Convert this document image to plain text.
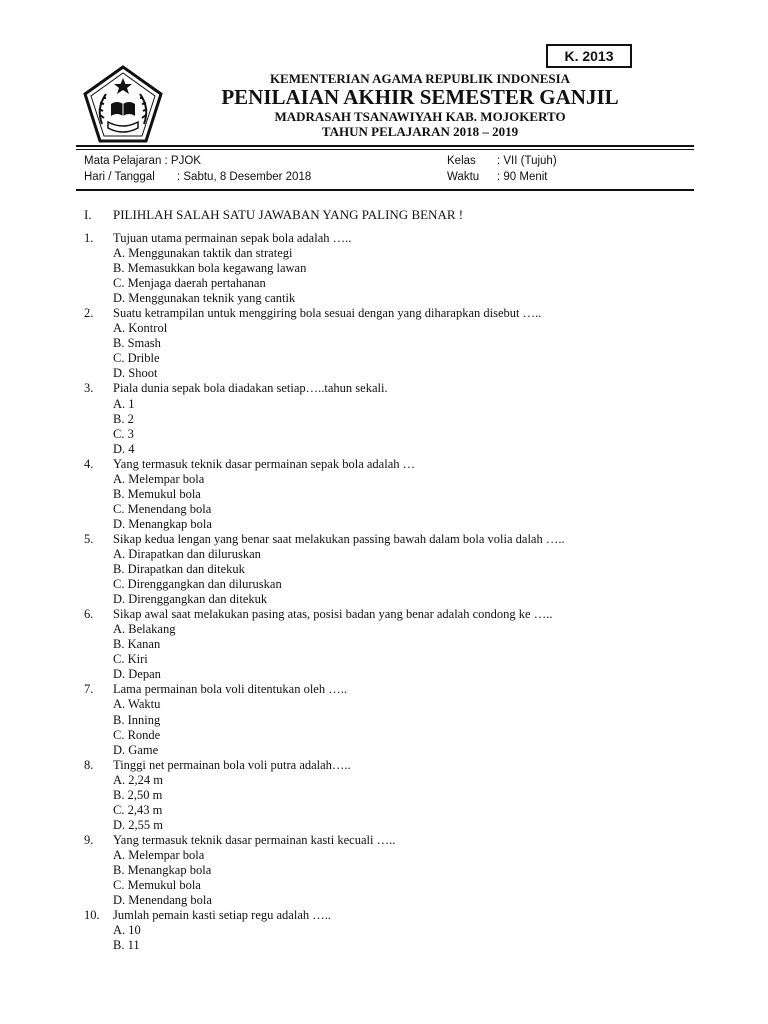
K. 2013
KEMENTERIAN AGAMA REPUBLIK INDONESIA
PENILAIAN AKHIR SEMESTER GANJIL
MADRASAH TSANAWIYAH KAB. MOJOKERTO
TAHUN PELAJARAN 2018 – 2019
Mata Pelajaran : PJOK
Hari / Tanggal : Sabtu, 8 Desember 2018
Kelas : VII (Tujuh)
Waktu : 90 Menit
I. PILIHLAH SALAH SATU JAWABAN YANG PALING BENAR !
1. Tujuan utama permainan sepak bola adalah …..
A. Menggunakan taktik dan strategi
B. Memasukkan bola kegawang lawan
C. Menjaga daerah pertahanan
D. Menggunakan teknik yang cantik
2. Suatu ketrampilan untuk menggiring bola sesuai dengan yang diharapkan disebut …..
A. Kontrol
B. Smash
C. Drible
D. Shoot
3. Piala dunia sepak bola diadakan setiap…..tahun sekali.
A. 1
B. 2
C. 3
D. 4
4. Yang termasuk teknik dasar permainan sepak bola adalah …
A. Melempar bola
B. Memukul bola
C. Menendang bola
D. Menangkap bola
5. Sikap kedua lengan yang benar saat melakukan passing bawah dalam bola volia dalah …..
A. Dirapatkan dan diluruskan
B. Dirapatkan dan ditekuk
C. Direnggangkan dan diluruskan
D. Direnggangkan dan ditekuk
6. Sikap awal saat melakukan pasing atas, posisi badan yang benar adalah condong ke …..
A. Belakang
B. Kanan
C. Kiri
D. Depan
7. Lama permainan bola voli ditentukan oleh …..
A. Waktu
B. Inning
C. Ronde
D. Game
8. Tinggi net permainan bola voli putra adalah…..
A. 2,24 m
B. 2,50 m
C. 2,43 m
D. 2,55 m
9. Yang termasuk teknik dasar permainan kasti kecuali …..
A. Melempar bola
B. Menangkap bola
C. Memukul bola
D. Menendang bola
10. Jumlah pemain kasti setiap regu adalah …..
A. 10
B. 11
